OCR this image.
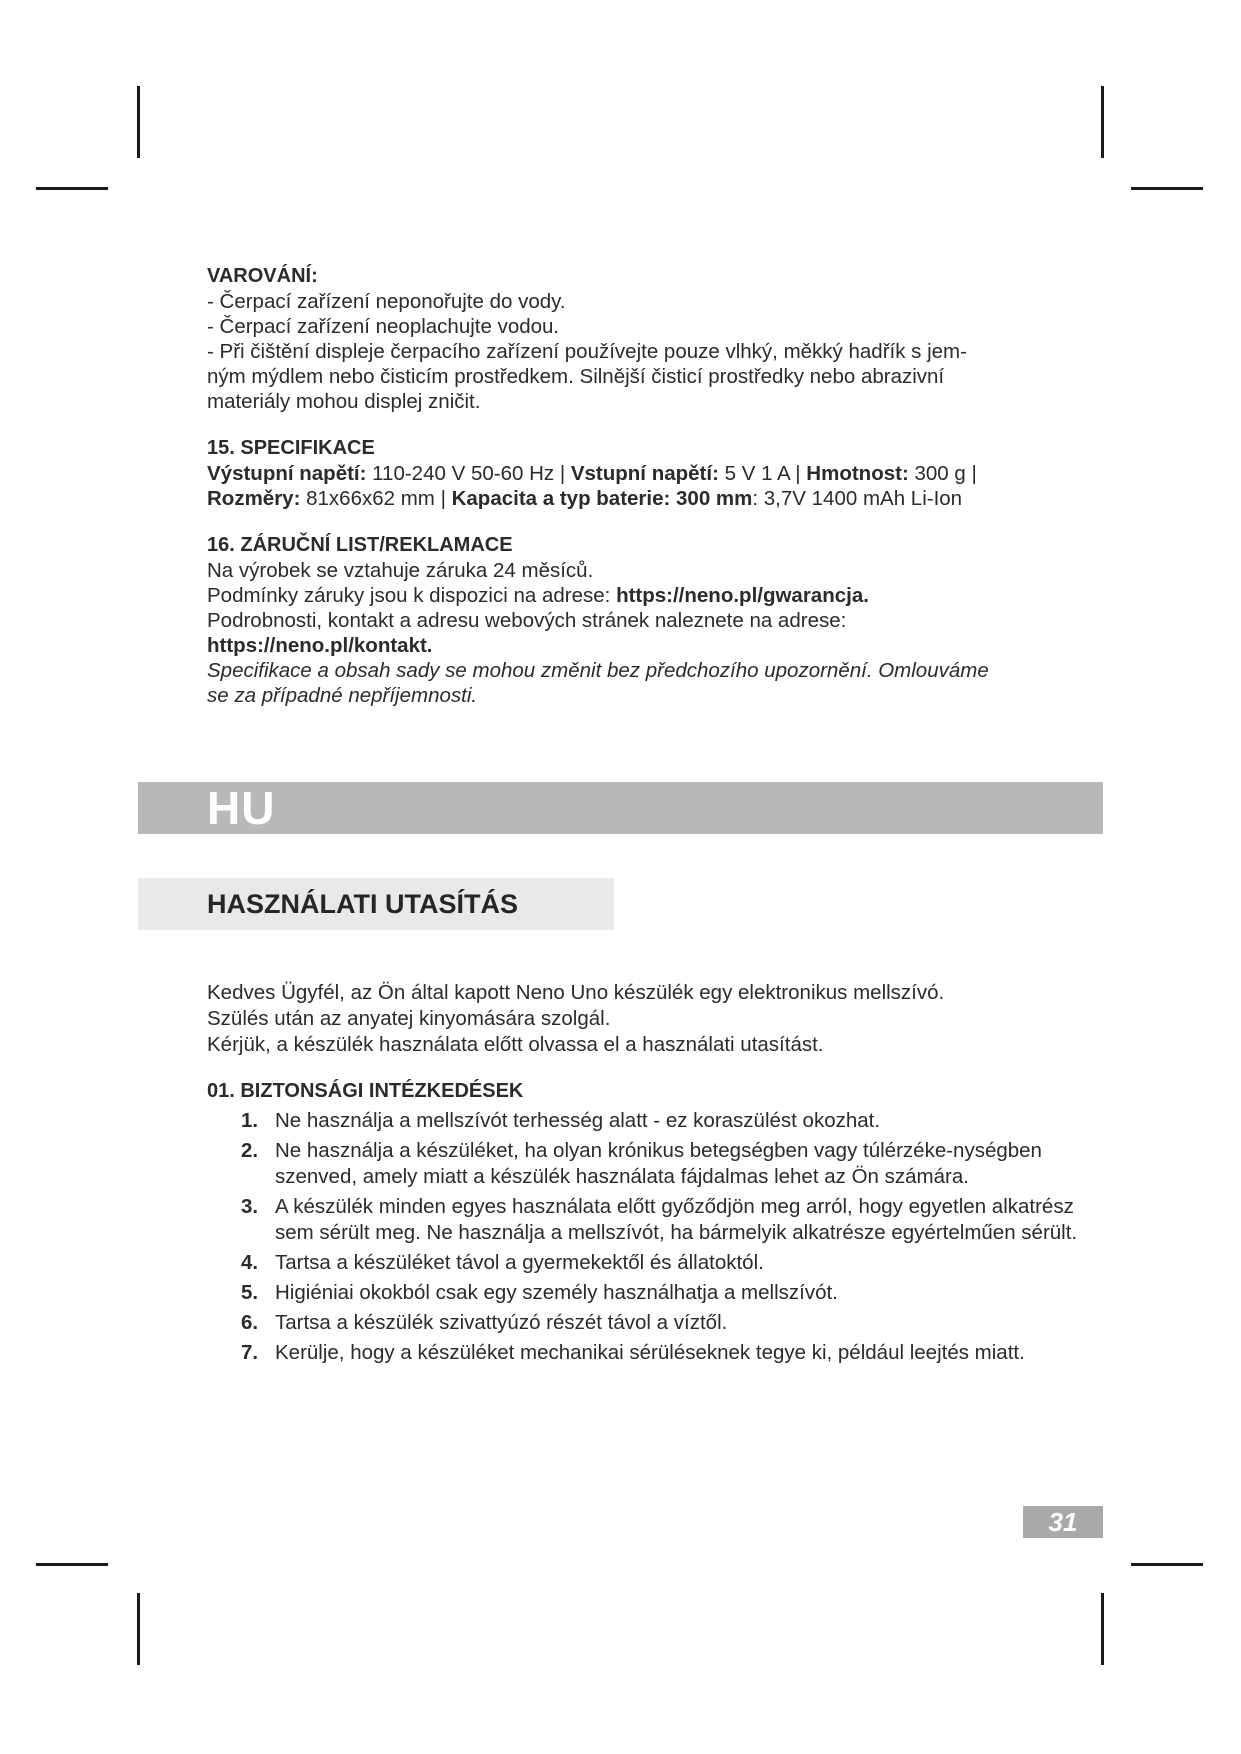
VAROVÁNÍ:
- Čerpací zařízení neponořujte do vody.
- Čerpací zařízení neoplachujte vodou.
- Při čištění displeje čerpacího zařízení používejte pouze vlhký, měkký hadřík s jem-
ným mýdlem nebo čisticím prostředkem. Silnější čisticí prostředky nebo abrazivní
materiály mohou displej zničit.
15. SPECIFIKACE
Výstupní napětí: 110-240 V 50-60 Hz | Vstupní napětí: 5 V 1 A | Hmotnost: 300 g |
Rozměry: 81x66x62 mm | Kapacita a typ baterie: 300 mm: 3,7V 1400 mAh Li-Ion
16. ZÁRUČNÍ LIST/REKLAMACE
Na výrobek se vztahuje záruka 24 měsíců.
Podmínky záruky jsou k dispozici na adrese: https://neno.pl/gwarancja.
Podrobnosti, kontakt a adresu webových stránek naleznete na adrese:
https://neno.pl/kontakt.
Specifikace a obsah sady se mohou změnit bez předchozího upozornění. Omlouváme
se za případné nepříjemnosti.
HU
HASZNÁLATI UTASÍTÁS
Kedves Ügyfél, az Ön által kapott Neno Uno készülék egy elektronikus mellszívó.
Szülés után az anyatej kinyomására szolgál.
Kérjük, a készülék használata előtt olvassa el a használati utasítást.
01. BIZTONSÁGI INTÉZKEDÉSEK
1. Ne használja a mellszívót terhesség alatt - ez koraszülést okozhat.
2. Ne használja a készüléket, ha olyan krónikus betegségben vagy túlérzéke-nységben szenved, amely miatt a készülék használata fájdalmas lehet az Ön számára.
3. A készülék minden egyes használata előtt győződjön meg arról, hogy egyetlen alkatrész sem sérült meg. Ne használja a mellszívót, ha bármelyik alkatrésze egyértelműen sérült.
4. Tartsa a készüléket távol a gyermekektől és állatoktól.
5. Higiéniai okokból csak egy személy használhatja a mellszívót.
6. Tartsa a készülék szivattyúzó részét távol a víztől.
7. Kerülje, hogy a készüléket mechanikai sérüléseknek tegye ki, például leejtés miatt.
31
